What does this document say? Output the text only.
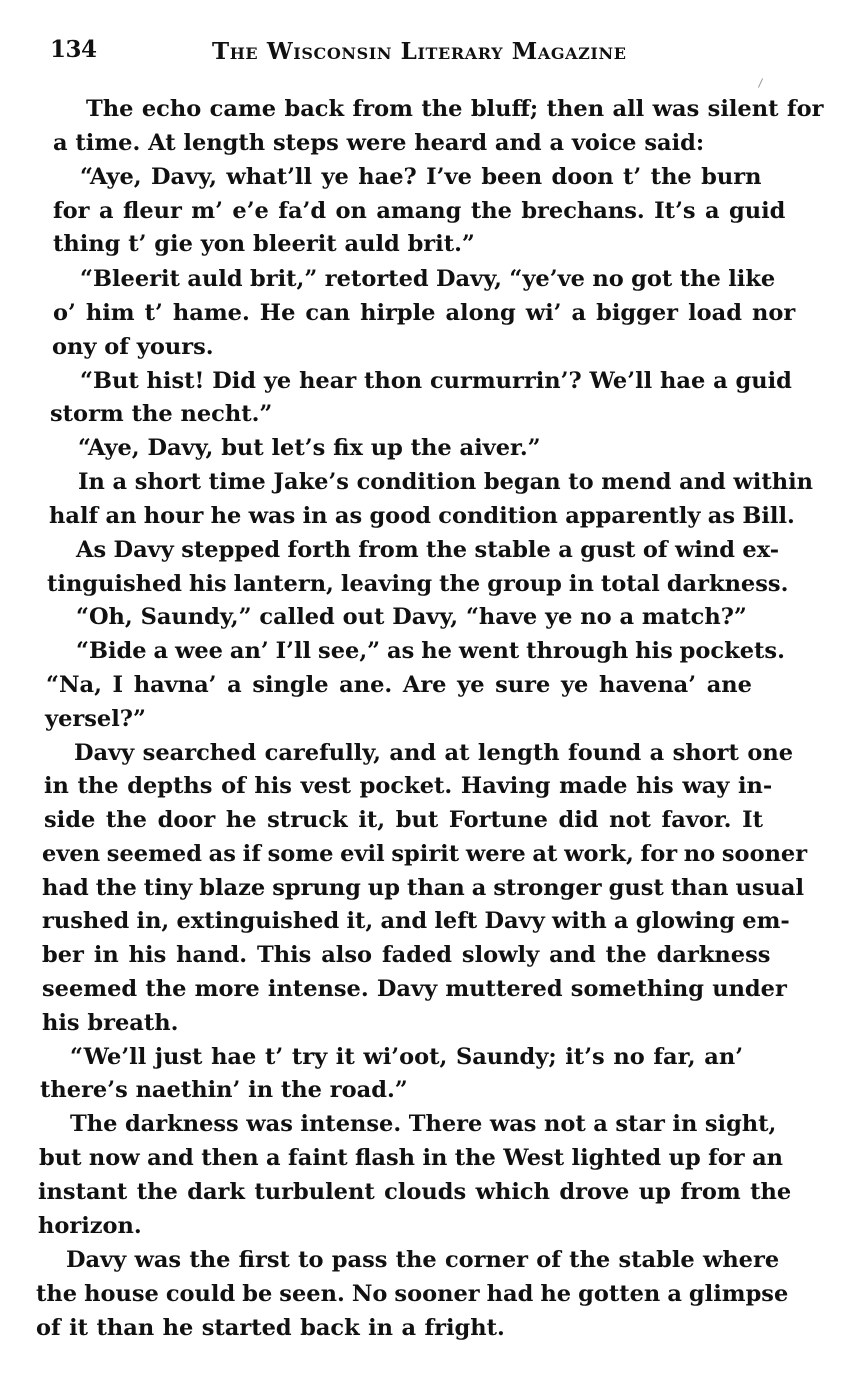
134	The Wisconsin Literary Magazine
The echo came back from the bluff; then all was silent for
a time. At length steps were heard and a voice said:
“Aye, Davy, what’ll ye hae? I’ve been doon t’ the burn
for a fleur m’ e’e fa’d on amang the brechans. It’s a guid
thing t’ gie yon bleerit auld brit.”
“Bleerit auld brit,” retorted Davy, “ye’ve no got the like
o’ him t’ hame. He can hirple along wi’ a bigger load nor
ony of yours.
“But hist! Did ye hear thon curmurrin’? We’ll hae a guid
storm the necht.”
“Aye, Davy, but let’s fix up the aiver.”
In a short time Jake’s condition began to mend and within
half an hour he was in as good condition apparently as Bill.
As Davy stepped forth from the stable a gust of wind ex-
tinguished his lantern, leaving the group in total darkness.
“Oh, Saundy,” called out Davy, “have ye no a match?”
“Bide a wee an’ I’ll see,” as he went through his pockets.
“Na, I havna’ a single ane. Are ye sure ye havena’ ane
yersel?”
Davy searched carefully, and at length found a short one
in the depths of his vest pocket. Having made his way in-
side the door he struck it, but Fortune did not favor. It
even seemed as if some evil spirit were at work, for no sooner
had the tiny blaze sprung up than a stronger gust than usual
rushed in, extinguished it, and left Davy with a glowing em-
ber in his hand. This also faded slowly and the darkness
seemed the more intense. Davy muttered something under
his breath.
“We’ll just hae t’ try it wi’oot, Saundy; it’s no far, an’
there’s naethin’ in the road.”
The darkness was intense. There was not a star in sight,
but now and then a faint flash in the West lighted up for an
instant the dark turbulent clouds which drove up from the
horizon.
Davy was the first to pass the corner of the stable where
the house could be seen. No sooner had he gotten a glimpse
of it than he started back in a fright.
